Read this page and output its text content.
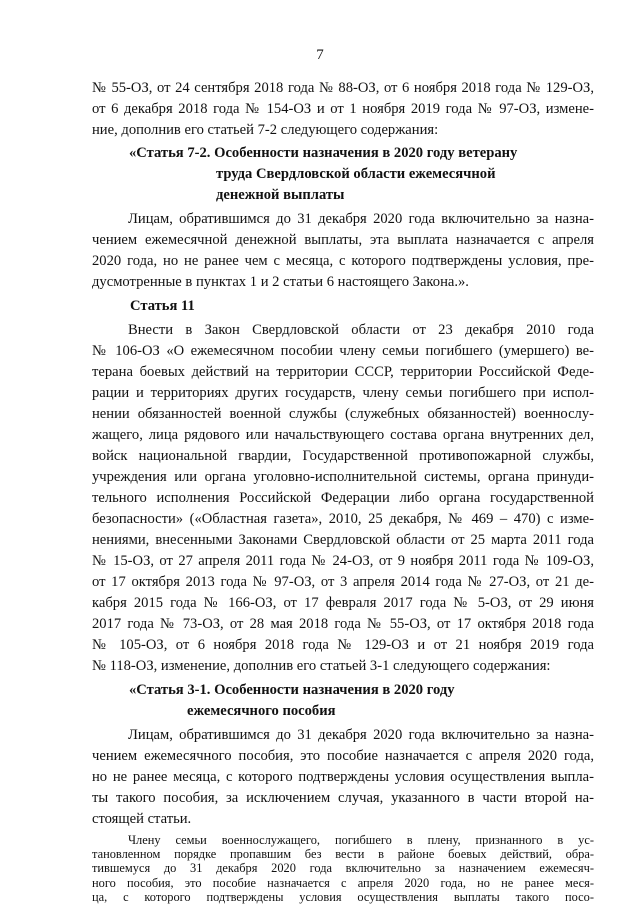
7
№ 55-ОЗ, от 24 сентября 2018 года № 88-ОЗ, от 6 ноября 2018 года № 129-ОЗ,
от 6 декабря 2018 года № 154-ОЗ и от 1 ноября 2019 года № 97-ОЗ, измене-
ние, дополнив его статьей 7-2 следующего содержания:
«Статья 7-2. Особенности назначения в 2020 году ветерану
труда Свердловской области ежемесячной
денежной выплаты
Лицам, обратившимся до 31 декабря 2020 года включительно за назна-
чением ежемесячной денежной выплаты, эта выплата назначается с апреля
2020 года, но не ранее чем с месяца, с которого подтверждены условия, пре-
дусмотренные в пунктах 1 и 2 статьи 6 настоящего Закона.».
Статья 11
Внести в Закон Свердловской области от 23 декабря 2010 года
№ 106-ОЗ «О ежемесячном пособии члену семьи погибшего (умершего) ве-
терана боевых действий на территории СССР, территории Российской Феде-
рации и территориях других государств, члену семьи погибшего при испол-
нении обязанностей военной службы (служебных обязанностей) военнослу-
жащего, лица рядового или начальствующего состава органа внутренних дел,
войск национальной гвардии, Государственной противопожарной службы,
учреждения или органа уголовно-исполнительной системы, органа принуди-
тельного исполнения Российской Федерации либо органа государственной
безопасности» («Областная газета», 2010, 25 декабря, № 469 – 470) с изме-
нениями, внесенными Законами Свердловской области от 25 марта 2011 года
№ 15-ОЗ, от 27 апреля 2011 года № 24-ОЗ, от 9 ноября 2011 года № 109-ОЗ,
от 17 октября 2013 года № 97-ОЗ, от 3 апреля 2014 года № 27-ОЗ, от 21 де-
кабря 2015 года № 166-ОЗ, от 17 февраля 2017 года № 5-ОЗ, от 29 июня
2017 года № 73-ОЗ, от 28 мая 2018 года № 55-ОЗ, от 17 октября 2018 года
№ 105-ОЗ, от 6 ноября 2018 года № 129-ОЗ и от 21 ноября 2019 года
№ 118-ОЗ, изменение, дополнив его статьей 3-1 следующего содержания:
«Статья 3-1. Особенности назначения в 2020 году
ежемесячного пособия
Лицам, обратившимся до 31 декабря 2020 года включительно за назна-
чением ежемесячного пособия, это пособие назначается с апреля 2020 года,
но не ранее месяца, с которого подтверждены условия осуществления выпла-
ты такого пособия, за исключением случая, указанного в части второй на-
стоящей статьи.
Члену семьи военнослужащего, погибшего в плену, признанного в ус-
тановленном порядке пропавшим без вести в районе боевых действий, обра-
тившемуся до 31 декабря 2020 года включительно за назначением ежемесяч-
ного пособия, это пособие назначается с апреля 2020 года, но не ранее меся-
ца, с которого подтверждены условия осуществления выплаты такого посо-
